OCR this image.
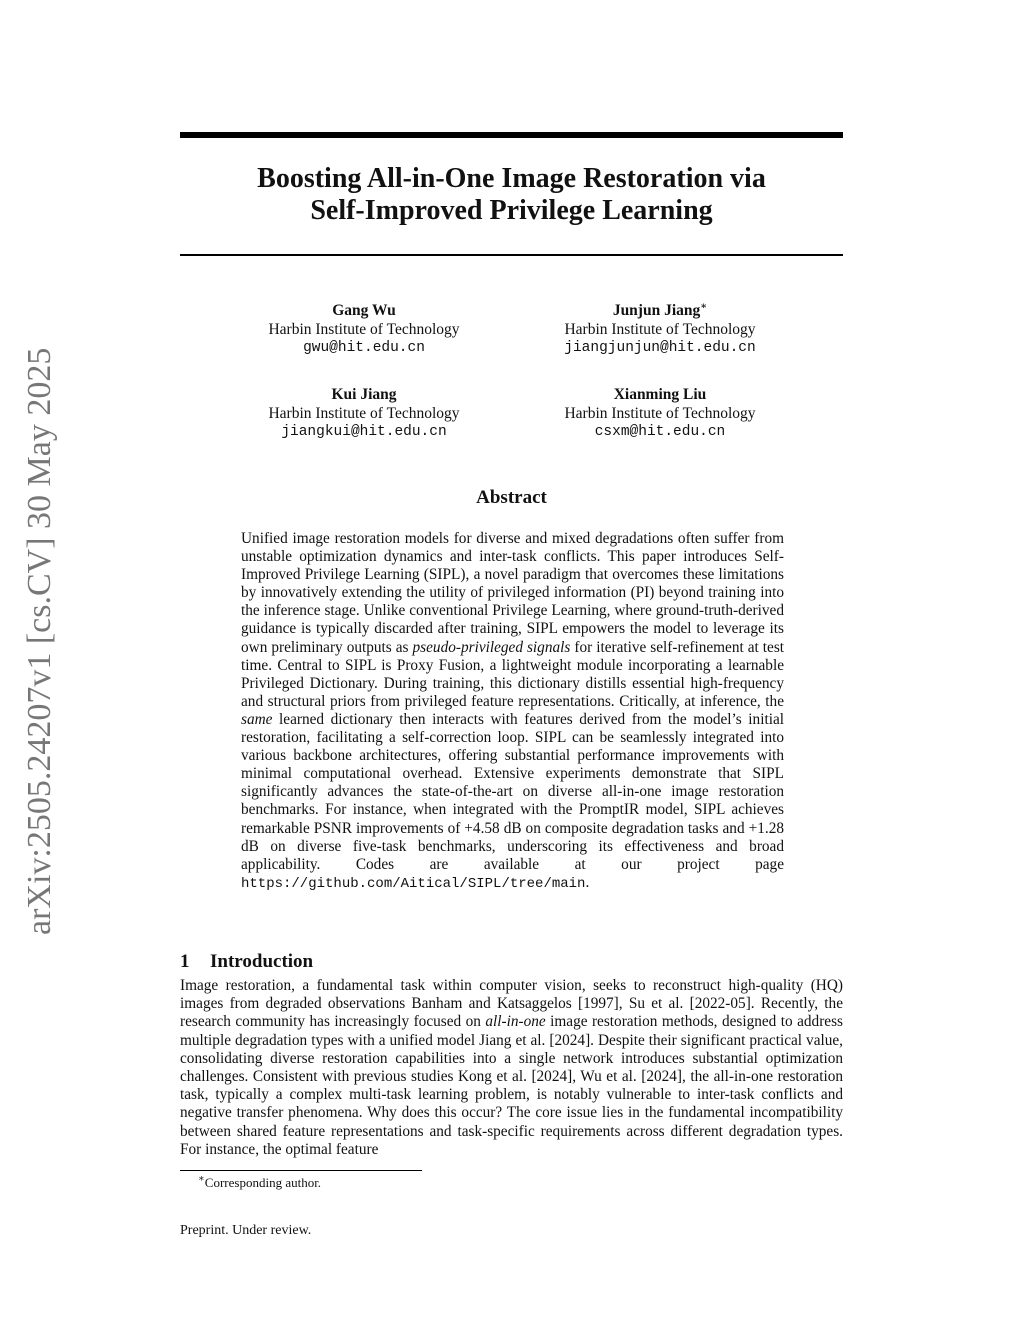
arXiv:2505.24207v1 [cs.CV] 30 May 2025
Boosting All-in-One Image Restoration via
Self-Improved Privilege Learning
Gang Wu
Harbin Institute of Technology
gwu@hit.edu.cn
Junjun Jiang∗
Harbin Institute of Technology
jiangjunjun@hit.edu.cn
Kui Jiang
Harbin Institute of Technology
jiangkui@hit.edu.cn
Xianming Liu
Harbin Institute of Technology
csxm@hit.edu.cn
Abstract
Unified image restoration models for diverse and mixed degradations often suffer from unstable optimization dynamics and inter-task conflicts. This paper introduces Self-Improved Privilege Learning (SIPL), a novel paradigm that overcomes these limitations by innovatively extending the utility of privileged information (PI) beyond training into the inference stage. Unlike conventional Privilege Learning, where ground-truth-derived guidance is typically discarded after training, SIPL empowers the model to leverage its own preliminary outputs as pseudo-privileged signals for iterative self-refinement at test time. Central to SIPL is Proxy Fusion, a lightweight module incorporating a learnable Privileged Dictionary. During training, this dictionary distills essential high-frequency and structural priors from privileged feature representations. Critically, at inference, the same learned dictionary then interacts with features derived from the model’s initial restoration, facilitating a self-correction loop. SIPL can be seamlessly integrated into various backbone architectures, offering substantial performance improvements with minimal computational overhead. Extensive experiments demonstrate that SIPL significantly advances the state-of-the-art on diverse all-in-one image restoration benchmarks. For instance, when integrated with the PromptIR model, SIPL achieves remarkable PSNR improvements of +4.58 dB on composite degradation tasks and +1.28 dB on diverse five-task benchmarks, underscoring its effectiveness and broad applicability. Codes are available at our project page https://github.com/Aitical/SIPL/tree/main.
1 Introduction
Image restoration, a fundamental task within computer vision, seeks to reconstruct high-quality (HQ) images from degraded observations Banham and Katsaggelos [1997], Su et al. [2022-05]. Recently, the research community has increasingly focused on all-in-one image restoration methods, designed to address multiple degradation types with a unified model Jiang et al. [2024]. Despite their significant practical value, consolidating diverse restoration capabilities into a single network introduces substantial optimization challenges. Consistent with previous studies Kong et al. [2024], Wu et al. [2024], the all-in-one restoration task, typically a complex multi-task learning problem, is notably vulnerable to inter-task conflicts and negative transfer phenomena. Why does this occur? The core issue lies in the fundamental incompatibility between shared feature representations and task-specific requirements across different degradation types. For instance, the optimal feature
∗Corresponding author.
Preprint. Under review.
